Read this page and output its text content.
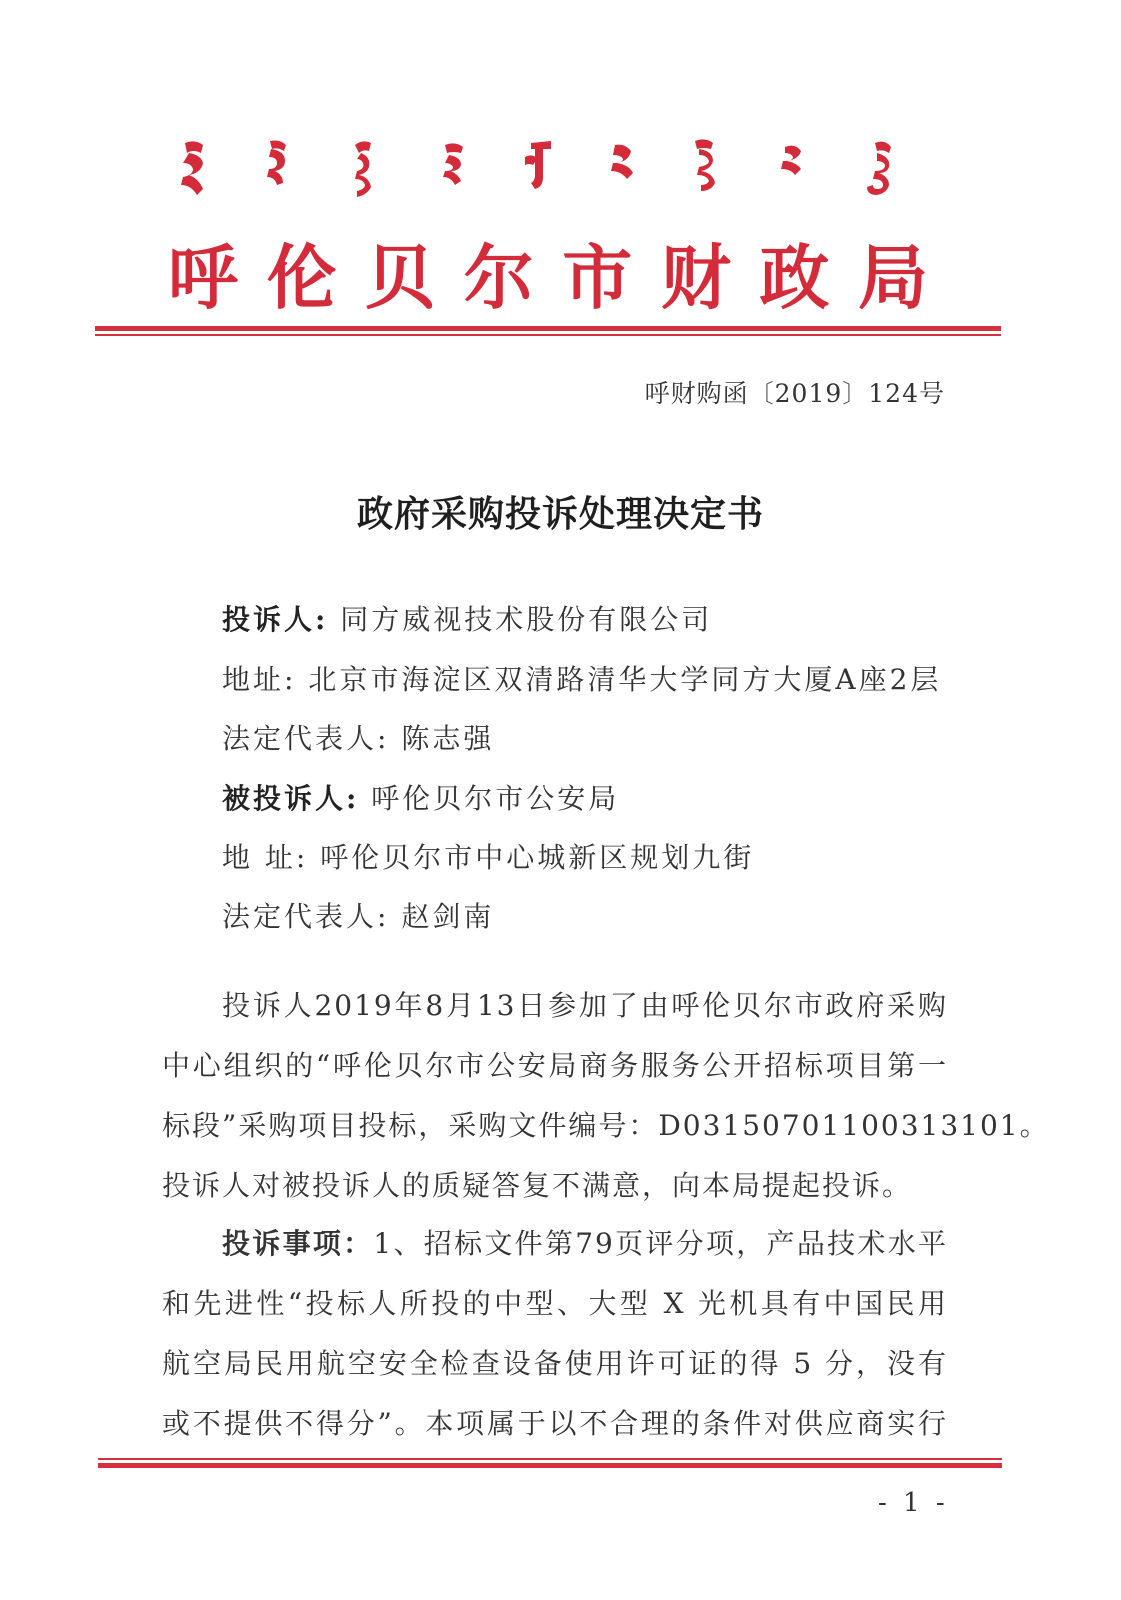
呼 伦 贝 尔 市 财 政 局
呼财购函〔2019〕124号
政府采购投诉处理决定书
投诉人: 同方威视技术股份有限公司
地址: 北京市海淀区双清路清华大学同方大厦A座2层
法定代表人: 陈志强
被投诉人: 呼伦贝尔市公安局
地 址: 呼伦贝尔市中心城新区规划九街
法定代表人: 赵剑南
投诉人2019年8月13日参加了由呼伦贝尔市政府采购
中心组织的“呼伦贝尔市公安局商务服务公开招标项目第一
标段”采购项目投标，采购文件编号：D031507011003131​01。
投诉人对被投诉人的质疑答复不满意，向本局提起投诉。
投诉事项：1、招标文件第79页评分项，产品技术水平
和先进性“投标人所投的中型、大型 X 光机具有中国民用
航空局民用航空安全检查设备使用许可证的得 5 分，没有
或不提供不得分”。本项属于以不合理的条件对供应商实行
- 1 -
